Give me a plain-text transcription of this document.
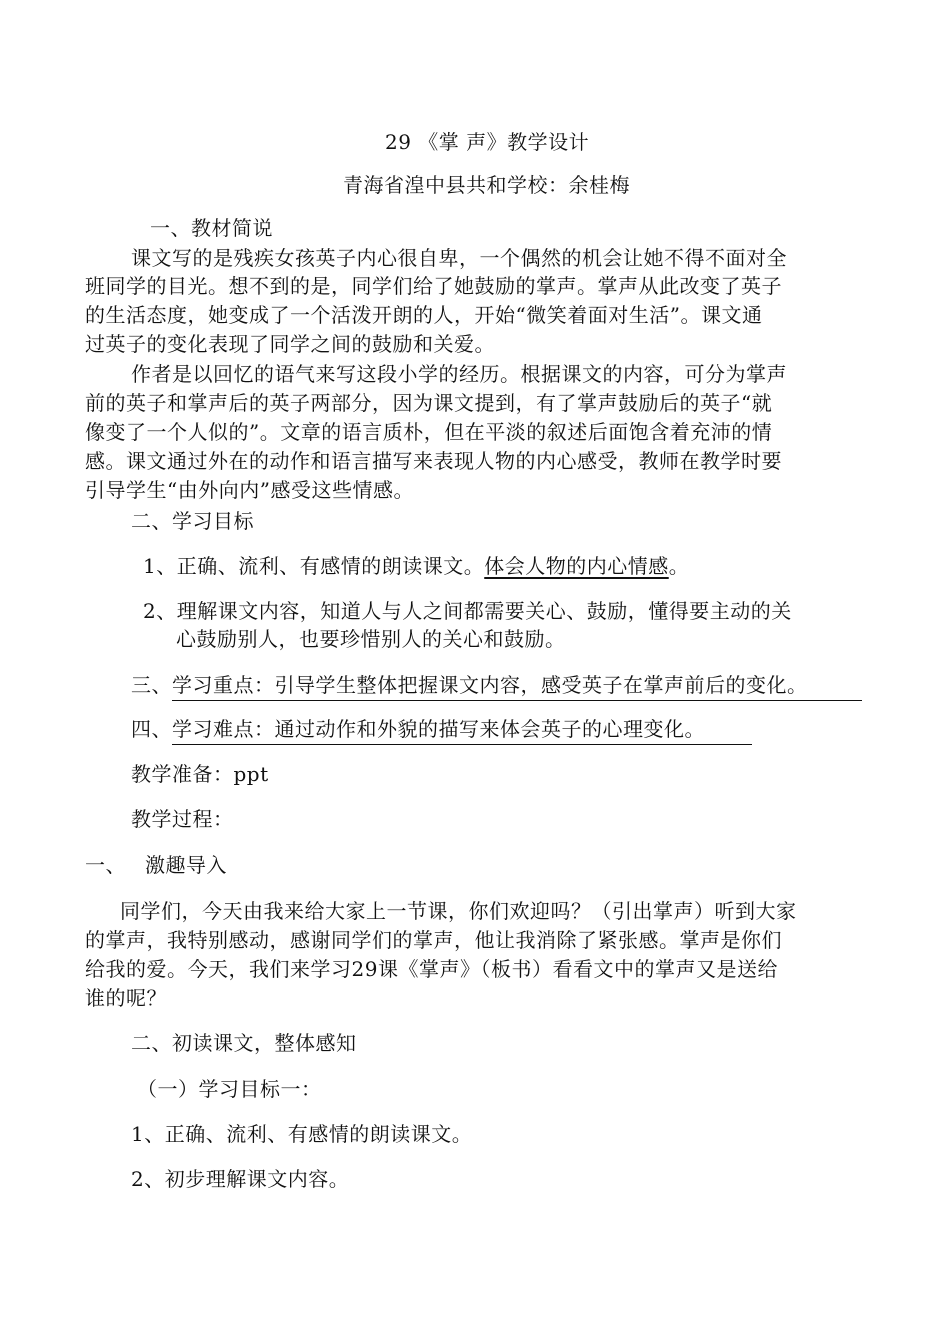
29 《掌 声》教学设计
青海省湟中县共和学校：余桂梅
一、教材简说
课文写的是残疾女孩英子内心很自卑，一个偶然的机会让她不得不面对全
班同学的目光。想不到的是，同学们给了她鼓励的掌声。掌声从此改变了英子
的生活态度，她变成了一个活泼开朗的人，开始“微笑着面对生活”。课文通
过英子的变化表现了同学之间的鼓励和关爱。
作者是以回忆的语气来写这段小学的经历。根据课文的内容，可分为掌声
前的英子和掌声后的英子两部分，因为课文提到，有了掌声鼓励后的英子“就
像变了一个人似的”。文章的语言质朴，但在平淡的叙述后面饱含着充沛的情
感。课文通过外在的动作和语言描写来表现人物的内心感受，教师在教学时要
引导学生“由外向内”感受这些情感。
二、学习目标
1、正确、流利、有感情的朗读课文。体会人物的内心情感。
2、理解课文内容，知道人与人之间都需要关心、鼓励，懂得要主动的关
心鼓励别人，也要珍惜别人的关心和鼓励。
三、学习重点：引导学生整体把握课文内容，感受英子在掌声前后的变化。
四、学习难点：通过动作和外貌的描写来体会英子的心理变化。
教学准备：ppt
教学过程：
一、 激趣导入
同学们，今天由我来给大家上一节课，你们欢迎吗？（引出掌声）听到大家
的掌声，我特别感动，感谢同学们的掌声，他让我消除了紧张感。掌声是你们
给我的爱。今天，我们来学习29课《掌声》（板书）看看文中的掌声又是送给
谁的呢？
二、初读课文，整体感知
（一）学习目标一：
1、正确、流利、有感情的朗读课文。
2、初步理解课文内容。
